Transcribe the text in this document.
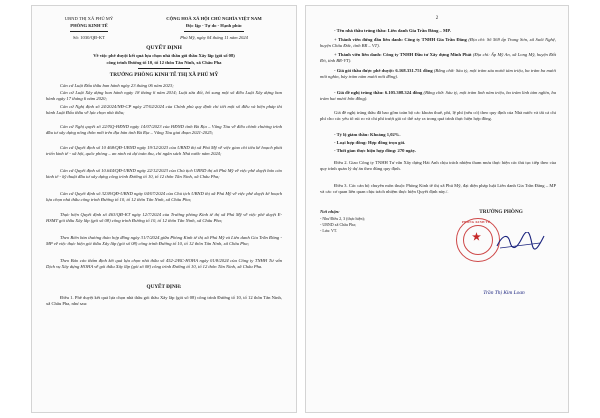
UBND THỊ XÃ PHÚ MỸ
PHÒNG KINH TẾ
Số: 1030/QĐ-KT
CỘNG HOÀ XÃ HỘI CHỦ NGHĨA VIỆT NAM
Độc lập - Tự do - Hạnh phúc
Phú Mỹ, ngày 04 tháng 11 năm 2024
QUYẾT ĐỊNH
Về việc phê duyệt kết quả lựa chọn nhà thầu gói thầu Xây lắp (gói số 08)
công trình Đường tổ 10, tổ 12 thôn Tân Ninh, xã Châu Pha
TRƯỞNG PHÒNG KINH TẾ THỊ XÃ PHÚ MỸ
Căn cứ Luật Đấu thầu ban hành ngày 23 tháng 06 năm 2023;
Căn cứ Luật Xây dựng ban hành ngày 18 tháng 6 năm 2014; Luật sửa đổi, bổ sung một số điều Luật Xây dựng ban hành ngày 17 tháng 6 năm 2020;
Căn cứ Nghị định số 24/2024/NĐ-CP ngày 27/02/2024 của Chính phủ quy định chi tiết một số điều và biện pháp thi hành Luật Đấu thầu về lựa chọn nhà thầu;
Căn cứ Nghị quyết số 22/NQ-HĐND ngày 14/07/2023 của HĐND tỉnh Bà Rịa – Vũng Tàu về điều chỉnh chương trình đầu tư xây dựng nông thôn mới trên địa bàn tỉnh Bà Rịa – Vũng Tàu giai đoạn 2021-2025;
Căn cứ Quyết định số 10 468/QĐ-UBND ngày 19/12/2023 của UBND thị xã Phú Mỹ về việc giao chỉ tiêu kế hoạch phát triển kinh tế - xã hội, quốc phòng – an ninh và dự toán thu, chi ngân sách Nhà nước năm 2024;
Căn cứ Quyết định số 10.644/QĐ-UBND ngày 22/12/2023 của Chủ tịch UBND thị xã Phú Mỹ về việc phê duyệt báo cáo kinh tế - kỹ thuật đầu tư xây dựng công trình Đường tổ 10, tổ 12 thôn Tân Ninh, xã Châu Pha;
Căn cứ Quyết định số 3238/QĐ-UBND ngày 04/07/2024 của Chủ tịch UBND thị xã Phú Mỹ về việc phê duyệt kế hoạch lựa chọn nhà thầu công trình Đường tổ 10, tổ 12 thôn Tân Ninh, xã Châu Pha;
Thực hiện Quyết định số 463/QĐ-KT ngày 12/7/2024 của Trưởng phòng Kinh tế thị xã Phú Mỹ về việc phê duyệt E-HSMT gói thầu Xây lắp (gói số 08) công trình Đường tổ 10, tổ 12 thôn Tân Ninh, xã Châu Pha;
Theo Biên bản thương thảo hợp đồng ngày 31/7/2024 giữa Phòng Kinh tế thị xã Phú Mỹ và Liên danh Gia Trần Đăng - MP về việc thực hiện gói thầu Xây lắp (gói số 08) công trình Đường tổ 10, tổ 12 thôn Tân Ninh, xã Châu Pha;
Theo Báo cáo thẩm định kết quả lựa chọn nhà thầu số 452-2/BC-HOHA ngày 01/8/2024 của Công ty TNHH Tư vấn Dịch vụ Xây dựng HOHA về gói thầu Xây lắp (gói số 08) công trình Đường tổ 10, tổ 12 thôn Tân Ninh, xã Châu Pha.
QUYẾT ĐỊNH:
Điều 1. Phê duyệt kết quả lựa chọn nhà thầu gói thầu Xây lắp (gói số 08) công trình Đường tổ 10, tổ 12 thôn Tân Ninh, xã Châu Pha, như sau:
2
- Tên nhà thầu trúng thầu: Liên danh Gia Trần Đăng – MP.
+ Thành viên đứng đầu liên danh: Công ty TNHH Gia Trần Đăng (Địa chỉ: Số 569 ấp Trung Sơn, xã Suối Nghệ, huyện Châu Đức, tỉnh BR – VT).
+ Thành viên liên danh: Công ty TNHH Đầu tư Xây dựng Minh Phát (Địa chỉ: Ấp Mỹ An, xã Long Mỹ, huyện Đất Đỏ, tỉnh BR-VT).
- Giá gói thầu được phê duyệt: 6.168.331.751 đồng (Bằng chữ: Sáu tỷ, một trăm sáu mươi tám triệu, ba trăm ba mươi mốt nghìn, bảy trăm năm mươi mốt đồng).
- Giá đề nghị trúng thầu: 6.105.308.324 đồng (Bằng chữ: Sáu tỷ, một trăm linh năm triệu, ba trăm linh tám nghìn, ba trăm hai mươi bốn đồng).
Giá đề nghị trúng thầu đã bao gồm toàn bộ các khoản thuế, phí, lệ phí (nếu có) theo quy định của Nhà nước và tất cả chi phí cho các yếu tố rủi ro và chi phí trượt giá có thể xảy ra trong quá trình thực hiện hợp đồng.
- Tỷ lệ giảm thầu: Khoảng 1,02%.
- Loại hợp đồng: Hợp đồng trọn gói.
- Thời gian thực hiện hợp đồng: 270 ngày.
Điều 2. Giao Công ty TNHH Tư vấn Xây dựng Hải Anh chịu trách nhiệm tham mưu thực hiện các thủ tục tiếp theo của quy trình quản lý dự án theo đúng quy định.
Điều 3. Các cán bộ chuyên môn thuộc Phòng Kinh tế thị xã Phú Mỹ, đại diện pháp luật Liên danh Gia Trần Đăng – MP và các cơ quan liên quan chịu trách nhiệm thực hiện Quyết định này./.
Nơi nhận:
- Như Điều 2, 3 (thực hiện);
- UBND xã Châu Pha;
- Lưu: VT.
TRƯỞNG PHÒNG
★
PHÒNG KINH TẾ
Trần Thị Kim Loan
